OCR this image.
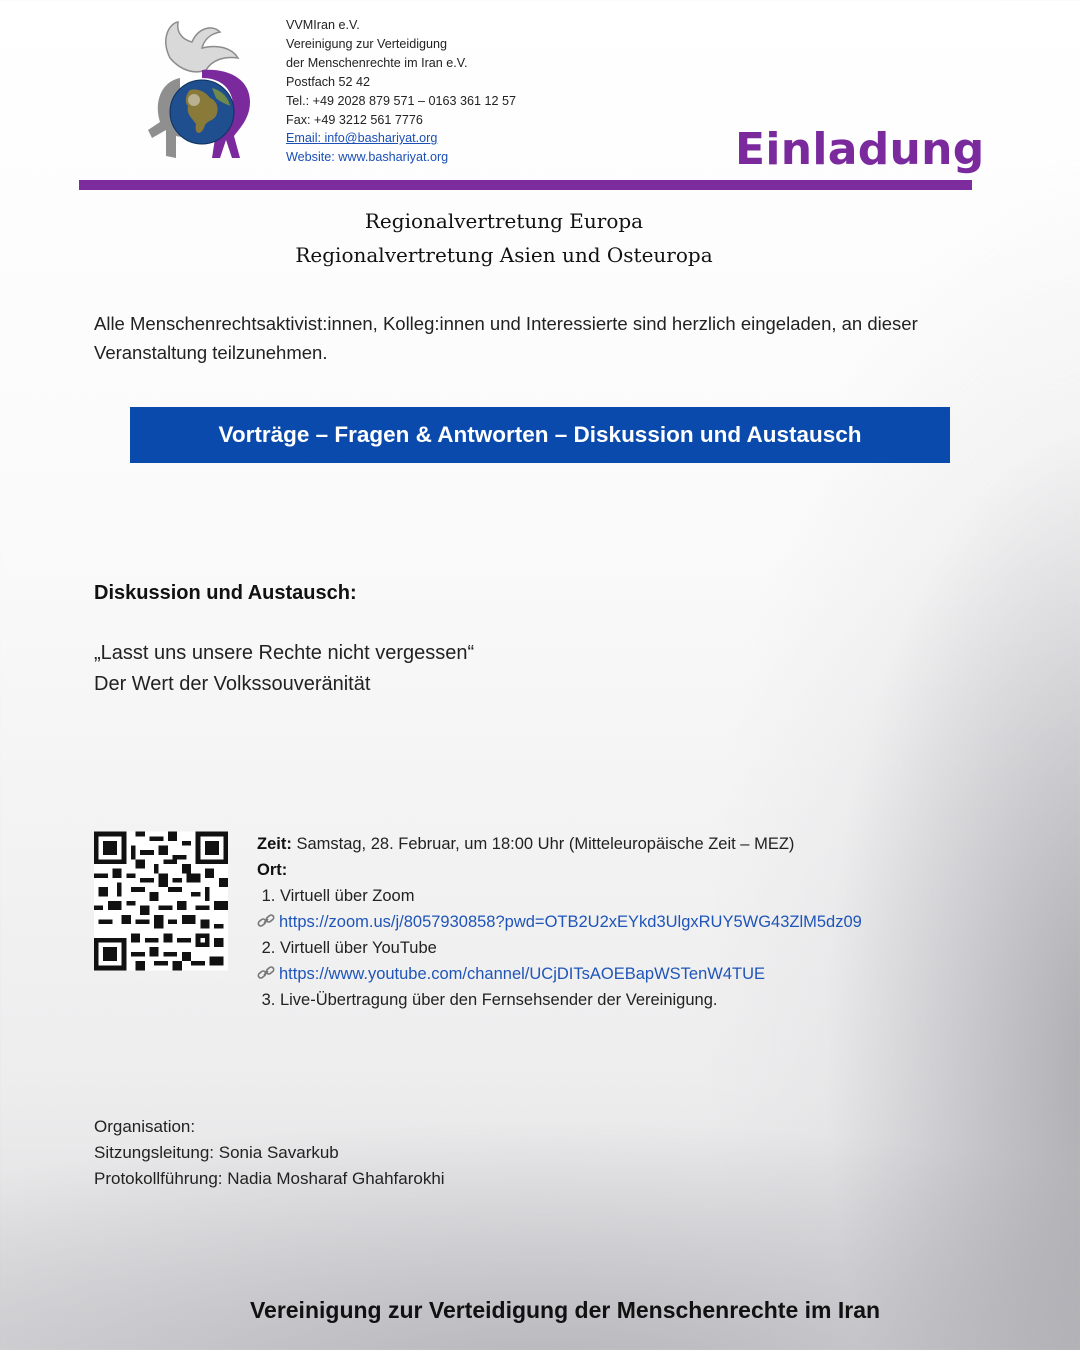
VVMIran e.V.
Vereinigung zur Verteidigung
der Menschenrechte im Iran e.V.
Postfach 52 42
Tel.: +49 2028 879 571 – 0163 361 12 57
Fax: +49 3212 561 7776
Email: info@bashariyat.org
Website: www.bashariyat.org	Einladung
Regionalvertretung Europa
Regionalvertretung Asien und Osteuropa
Alle Menschenrechtsaktivist:innen, Kolleg:innen und Interessierte sind herzlich eingeladen, an dieser Veranstaltung teilzunehmen.
Vorträge – Fragen & Antworten – Diskussion und Austausch
Diskussion und Austausch:
„Lasst uns unsere Rechte nicht vergessen“
Der Wert der Volkssouveränität
Zeit: Samstag, 28. Februar, um 18:00 Uhr (Mitteleuropäische Zeit – MEZ)
Ort:
1. Virtuell über Zoom
https://zoom.us/j/8057930858?pwd=OTB2U2xEYkd3UlgxRUY5WG43ZlM5dz09
2. Virtuell über YouTube
https://www.youtube.com/channel/UCjDITsAOEBapWSTenW4TUE
3. Live-Übertragung über den Fernsehsender der Vereinigung.
Organisation:
Sitzungsleitung: Sonia Savarkub
Protokollführung: Nadia Mosharaf Ghahfarokhi
Vereinigung zur Verteidigung der Menschenrechte im Iran
